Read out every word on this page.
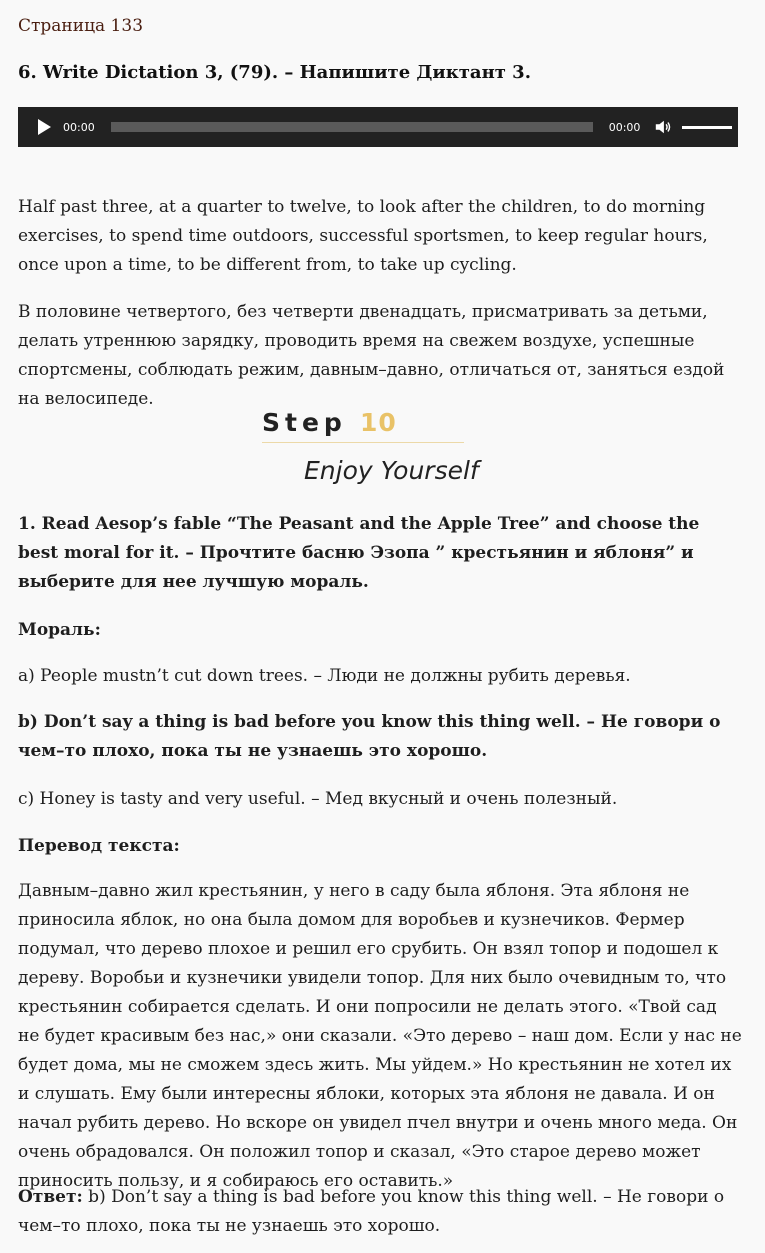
Страница 133
6. Write Dictation 3, (79). – Напишите Диктант 3.
00:00	00:00

Half past three, at a quarter to twelve, to look after the children, to do morning exercises, to spend time outdoors, successful sportsmen, to keep regular hours, once upon a time, to be different from, to take up cycling.

В половине четвертого, без четверти двенадцать, присматривать за детьми, делать утреннюю зарядку, проводить время на свежем воздухе, успешные спортсмены, соблюдать режим, давным–давно, отличаться от, заняться ездой на велосипеде.

Step 10
Enjoy Yourself

1. Read Aesop’s fable “The Peasant and the Apple Tree” and choose the best moral for it. – Прочтите басню Эзопа ” крестьянин и яблоня” и выберите для нее лучшую мораль.

Мораль:

a) People mustn’t cut down trees. – Люди не должны рубить деревья.

b) Don’t say a thing is bad before you know this thing well. – Не говори о чем–то плохо, пока ты не узнаешь это хорошо.

c) Honey is tasty and very useful. – Мед вкусный и очень полезный.

Перевод текста:

Давным–давно жил крестьянин, у него в саду была яблоня. Эта яблоня не приносила яблок, но она была домом для воробьев и кузнечиков. Фермер подумал, что дерево плохое и решил его срубить. Он взял топор и подошел к дереву. Воробьи и кузнечики увидели топор. Для них было очевидным то, что крестьянин собирается сделать. И они попросили не делать этого. «Твой сад не будет красивым без нас,» они сказали. «Это дерево – наш дом. Если у нас не будет дома, мы не сможем здесь жить. Мы уйдем.» Но крестьянин не хотел их и слушать. Ему были интересны яблоки, которых эта яблоня не давала. И он начал рубить дерево. Но вскоре он увидел пчел внутри и очень много меда. Он очень обрадовался. Он положил топор и сказал, «Это старое дерево может приносить пользу, и я собираюсь его оставить.»

Ответ: b) Don’t say a thing is bad before you know this thing well. – Не говори о чем–то плохо, пока ты не узнаешь это хорошо.
